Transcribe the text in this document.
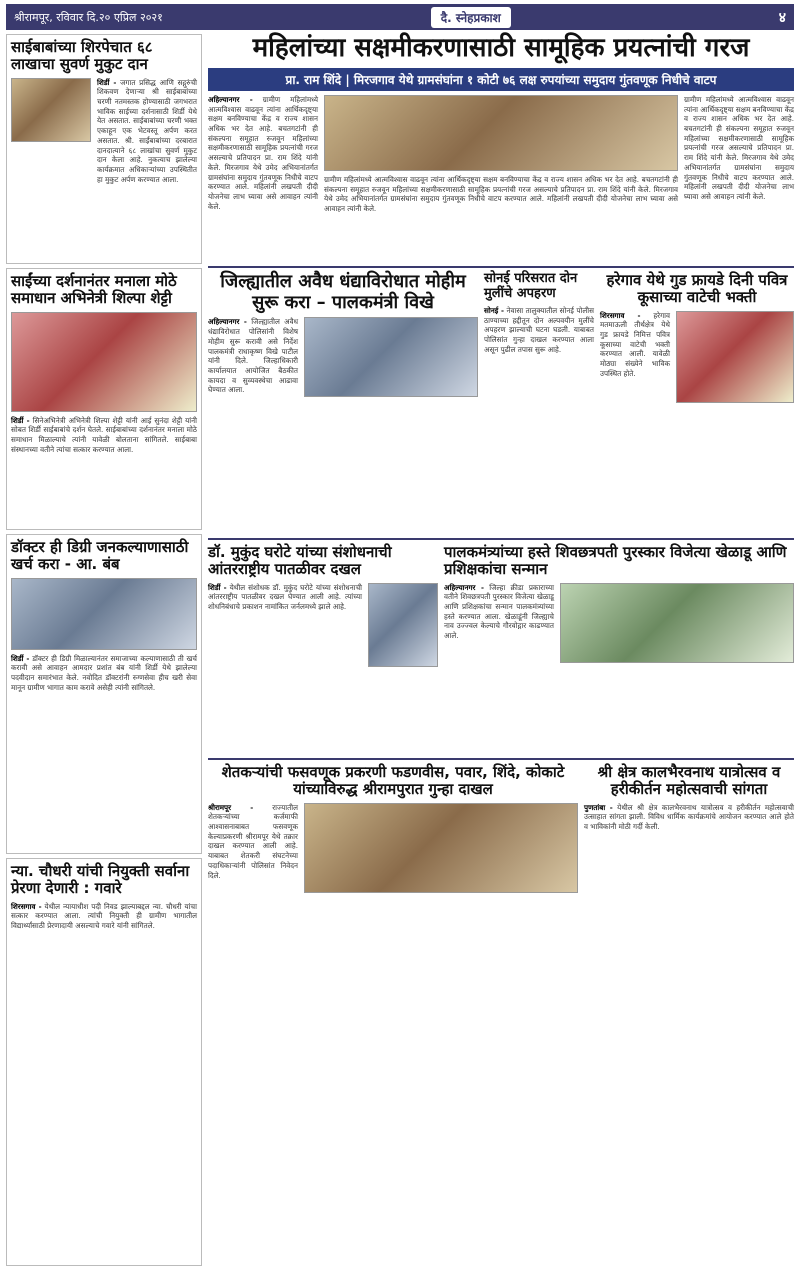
श्रीरामपूर, रविवार दि.२० एप्रिल २०२१	दै. स्नेहप्रकाश	४
साईबाबांच्या शिरपेचात ६८ लाखाचा सुवर्ण मुकुट दान
शिर्डी - जगात प्रसिद्ध आणि सद्गुरुंची शिकवण देणाऱ्या श्री साईबाबांच्या चरणी नतमस्तक होण्यासाठी जगभरात भाविक साईच्या दर्शनासाठी शिर्डी येथे येत असतात. साईबाबांच्या चरणी भक्त एकाहून एक भेटवस्तू अर्पण करत असतात. श्री. सार्ईबाबांच्या दरबारात दानदात्याने ६८ लाखांचा सुवर्ण मुकुट दान केला आहे. नुकत्याच झालेल्या कार्यक्रमात अधिकाऱ्यांच्या उपस्थितीत हा मुकुट अर्पण करण्यात आला.
साईंच्या दर्शनानंतर मनाला मोठे समाधान अभिनेत्री शिल्पा शेट्टी
शिर्डी - सिनेअभिनेत्री अभिनेत्री शिल्पा शेट्टी यांनी आई सुनंदा शेट्टी यांनी सोबत शिर्डी साईबाबांचे दर्शन घेतले. साईबाबांच्या दर्शनानंतर मनाला मोठे समाधान मिळाल्याचे त्यांनी यावेळी बोलताना सांगितले. साईबाबा संस्थानच्या वतीने त्यांचा सत्कार करण्यात आला.
डॉक्टर ही डिग्री जनकल्याणासाठी खर्च करा - आ. बंब
शिर्डी - डॉक्टर ही डिग्री मिळाल्यानंतर समाजाच्या कल्याणासाठी ती खर्च करावी असे आवाहन आमदार प्रशांत बंब यांनी शिर्डी येथे झालेल्या पदवीदान समारंभात केले. नवोदित डॉक्टरांनी रुग्णसेवा हीच खरी सेवा मानून ग्रामीण भागात काम करावे असेही त्यांनी सांगितले.
न्या. चौधरी यांची नियुक्ती सर्वाना प्रेरणा देणारी : गवारे
शिरसगाव - येथील न्यायाधीश पदी निवड झाल्याबद्दल न्या. चौधरी यांचा सत्कार करण्यात आला. त्यांची नियुक्ती ही ग्रामीण भागातील विद्यार्थ्यांसाठी प्रेरणादायी असल्याचे गवारे यांनी सांगितले.
महिलांच्या सक्षमीकरणासाठी सामूहिक प्रयत्नांची गरज
प्रा. राम शिंदे | मिरजगाव येथे ग्रामसंघांना १ कोटी ७६ लक्ष रुपयांच्या समुदाय गुंतवणूक निधीचे वाटप
अहिल्यानगर - ग्रामीण महिलांमध्ये आत्मविश्वास वाढवून त्यांना आर्थिकदृष्ट्या सक्षम बनविण्याचा केंद्र व राज्य शासन अधिक भर देत आहे. बचतगटांनी ही संकल्पना समूहात रुजवून महिलांच्या सक्षमीकरणासाठी सामूहिक प्रयत्नांची गरज असल्याचे प्रतिपादन प्रा. राम शिंदे यांनी केले. मिरजगाव येथे उमेद अभियानांतर्गत ग्रामसंघांना समुदाय गुंतवणूक निधीचे वाटप करण्यात आले. महिलांनी लखपती दीदी योजनेचा लाभ घ्यावा असे आवाहन त्यांनी केले.
ग्रामीण महिलांमध्ये आत्मविश्वास वाढवून त्यांना आर्थिकदृष्ट्या सक्षम बनविण्याचा केंद्र व राज्य शासन अधिक भर देत आहे. बचतगटांनी ही संकल्पना समूहात रुजवून महिलांच्या सक्षमीकरणासाठी सामूहिक प्रयत्नांची गरज असल्याचे प्रतिपादन प्रा. राम शिंदे यांनी केले. मिरजगाव येथे उमेद अभियानांतर्गत ग्रामसंघांना समुदाय गुंतवणूक निधीचे वाटप करण्यात आले. महिलांनी लखपती दीदी योजनेचा लाभ घ्यावा असे आवाहन त्यांनी केले.
ग्रामीण महिलांमध्ये आत्मविश्वास वाढवून त्यांना आर्थिकदृष्ट्या सक्षम बनविण्याचा केंद्र व राज्य शासन अधिक भर देत आहे. बचतगटांनी ही संकल्पना समूहात रुजवून महिलांच्या सक्षमीकरणासाठी सामूहिक प्रयत्नांची गरज असल्याचे प्रतिपादन प्रा. राम शिंदे यांनी केले. मिरजगाव येथे उमेद अभियानांतर्गत ग्रामसंघांना समुदाय गुंतवणूक निधीचे वाटप करण्यात आले. महिलांनी लखपती दीदी योजनेचा लाभ घ्यावा असे आवाहन त्यांनी केले.
जिल्ह्यातील अवैध धंद्याविरोधात मोहीम सुरू करा – पालकमंत्री विखे
अहिल्यानगर - जिल्ह्यातील अवैध धंद्याविरोधात पोलिसांनी विशेष मोहीम सुरू करावी असे निर्देश पालकमंत्री राधाकृष्ण विखे पाटील यांनी दिले. जिल्हाधिकारी कार्यालयात आयोजित बैठकीत कायदा व सुव्यवस्थेचा आढावा घेण्यात आला.
सोनई परिसरात दोन मुलींचे अपहरण
सोनई - नेवासा तालुक्यातील सोनई पोलीस ठाण्याच्या हद्दीतून दोन अल्पवयीन मुलींचे अपहरण झाल्याची घटना घडली. याबाबत पोलिसांत गुन्हा दाखल करण्यात आला असून पुढील तपास सुरू आहे.
हरेगाव येथे गुड फ्रायडे दिनी पवित्र कूसाच्या वाटेची भक्ती
शिरसगाव - हरेगाव मतमाऊली तीर्थक्षेत्र येथे गुड फ्रायडे निमित्त पवित्र कूसाच्या वाटेची भक्ती करण्यात आली. यावेळी मोठ्या संख्येने भाविक उपस्थित होते.
डॉ. मुकुंद घरोटे यांच्या संशोधनाची आंतरराष्ट्रीय पातळीवर दखल
शिर्डी - येथील संशोधक डॉ. मुकुंद घरोटे यांच्या संशोधनाची आंतरराष्ट्रीय पातळीवर दखल घेण्यात आली आहे. त्यांच्या शोधनिबंधाचे प्रकाशन नामांकित जर्नलमध्ये झाले आहे.
पालकमंत्र्यांच्या हस्ते शिवछत्रपती पुरस्कार विजेत्या खेळाडू आणि प्रशिक्षकांचा सन्मान
अहिल्यानगर - जिल्हा क्रीडा प्रकाराच्या वतीने शिवछत्रपती पुरस्कार विजेत्या खेळाडू आणि प्रशिक्षकांचा सन्मान पालकमंत्र्यांच्या हस्ते करण्यात आला. खेळाडूंनी जिल्ह्याचे नाव उज्ज्वल केल्याचे गौरवोद्गार काढण्यात आले.
शेतकऱ्यांची फसवणूक प्रकरणी फडणवीस, पवार, शिंदे, कोकाटे यांच्याविरुद्ध श्रीरामपुरात गुन्हा दाखल
श्रीरामपूर -	राज्यातील शेतकऱ्यांच्या कर्जमाफी आश्वासनाबाबत फसवणूक केल्याप्रकरणी श्रीरामपूर येथे तक्रार दाखल करण्यात आली आहे. याबाबत शेतकरी संघटनेच्या पदाधिकाऱ्यांनी पोलिसांत निवेदन दिले.
श्री क्षेत्र कालभैरवनाथ यात्रोत्सव व हरीकीर्तन महोत्सवाची सांगता
पुणतांबा - येथील श्री क्षेत्र कालभैरवनाथ यात्रोत्सव व हरीकीर्तन महोत्सवाची उत्साहात सांगता झाली. विविध धार्मिक कार्यक्रमांचे आयोजन करण्यात आले होते व भाविकांनी मोठी गर्दी केली.
